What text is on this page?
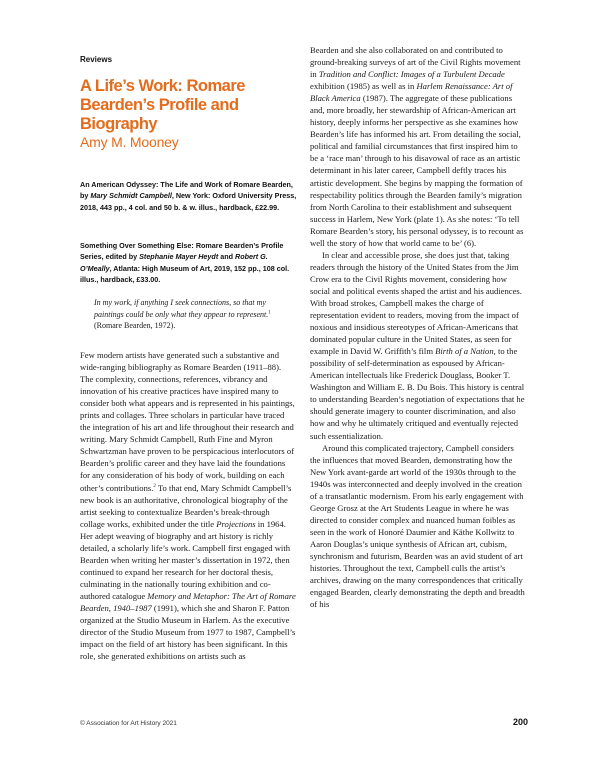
Reviews
A Life’s Work: Romare Bearden’s Profile and Biography
Amy M. Mooney

An American Odyssey: The Life and Work of Romare Bearden, by Mary Schmidt Campbell, New York: Oxford University Press, 2018, 443 pp., 4 col. and 50 b. & w. illus., hardback, £22.99.

Something Over Something Else: Romare Bearden’s Profile Series, edited by Stephanie Mayer Heydt and Robert G. O’Meally, Atlanta: High Museum of Art, 2019, 152 pp., 108 col. illus., hardback, £33.00.

In my work, if anything I seek connections, so that my paintings could be only what they appear to represent.$^1$
(Romare Bearden, 1972).

Few modern artists have generated such a substantive and wide-ranging bibliography as Romare Bearden (1911–88). The complexity, connections, references, vibrancy and innovation of his creative practices have inspired many to consider both what appears and is represented in his paintings, prints and collages. Three scholars in particular have traced the integration of his art and life throughout their research and writing. Mary Schmidt Campbell, Ruth Fine and Myron Schwartzman have proven to be perspicacious interlocutors of Bearden’s prolific career and they have laid the foundations for any consideration of his body of work, building on each other’s contributions.$^2$ To that end, Mary Schmidt Campbell’s new book is an authoritative, chronological biography of the artist seeking to contextualize Bearden’s break-through collage works, exhibited under the title Projections in 1964. Her adept weaving of biography and art history is richly detailed, a scholarly life’s work. Campbell first engaged with Bearden when writing her master’s dissertation in 1972, then continued to expand her research for her doctoral thesis, culminating in the nationally touring exhibition and co-authored catalogue Memory and Metaphor: The Art of Romare Bearden, 1940–1987 (1991), which she and Sharon F. Patton organized at the Studio Museum in Harlem. As the executive director of the Studio Museum from 1977 to 1987, Campbell’s impact on the field of art history has been significant. In this role, she generated exhibitions on artists such as

Bearden and she also collaborated on and contributed to ground-breaking surveys of art of the Civil Rights movement in Tradition and Conflict: Images of a Turbulent Decade exhibition (1985) as well as in Harlem Renaissance: Art of Black America (1987). The aggregate of these publications and, more broadly, her stewardship of African-American art history, deeply informs her perspective as she examines how Bearden’s life has informed his art. From detailing the social, political and familial circumstances that first inspired him to be a ‘race man’ through to his disavowal of race as an artistic determinant in his later career, Campbell deftly traces his artistic development. She begins by mapping the formation of respectability politics through the Bearden family’s migration from North Carolina to their establishment and subsequent success in Harlem, New York (plate 1). As she notes: ‘To tell Romare Bearden’s story, his personal odyssey, is to recount as well the story of how that world came to be’ (6).

In clear and accessible prose, she does just that, taking readers through the history of the United States from the Jim Crow era to the Civil Rights movement, considering how social and political events shaped the artist and his audiences. With broad strokes, Campbell makes the charge of representation evident to readers, moving from the impact of noxious and insidious stereotypes of African-Americans that dominated popular culture in the United States, as seen for example in David W. Griffith’s film Birth of a Nation, to the possibility of self-determination as espoused by African-American intellectuals like Frederick Douglass, Booker T. Washington and William E. B. Du Bois. This history is central to understanding Bearden’s negotiation of expectations that he should generate imagery to counter discrimination, and also how and why he ultimately critiqued and eventually rejected such essentialization.

Around this complicated trajectory, Campbell considers the influences that moved Bearden, demonstrating how the New York avant-garde art world of the 1930s through to the 1940s was interconnected and deeply involved in the creation of a transatlantic modernism. From his early engagement with George Grosz at the Art Students League in where he was directed to consider complex and nuanced human foibles as seen in the work of Honoré Daumier and Käthe Kollwitz to Aaron Douglas’s unique synthesis of African art, cubism, synchronism and futurism, Bearden was an avid student of art histories. Throughout the text, Campbell culls the artist’s archives, drawing on the many correspondences that critically engaged Bearden, clearly demonstrating the depth and breadth of his

© Association for Art History 2021	200
